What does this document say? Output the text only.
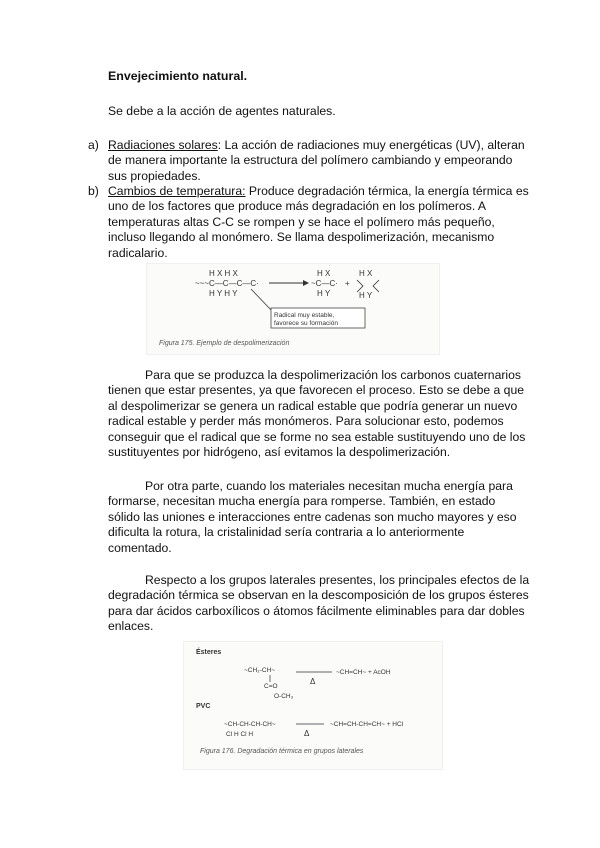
Envejecimiento natural.
Se debe a la acción de agentes naturales.
a) Radiaciones solares: La acción de radiaciones muy energéticas (UV), alteran
de manera importante la estructura del polímero cambiando y empeorando
sus propiedades.
b) Cambios de temperatura: Produce degradación térmica, la energía térmica es
uno de los factores que produce más degradación en los polímeros. A
temperaturas altas C-C se rompen y se hace el polímero más pequeño,
incluso llegando al monómero. Se llama despolimerización, mecanismo
radicalario.
H X H X
~~~C—C—C—C·
H Y H Y
H X
~C—C·
H Y
+
H X
H Y
Radical muy estable,
favorece su formación
Figura 175. Ejemplo de despolimerización
Para que se produzca la despolimerización los carbonos cuaternarios
tienen que estar presentes, ya que favorecen el proceso. Esto se debe a que
al despolimerizar se genera un radical estable que podría generar un nuevo
radical estable y perder más monómeros. Para solucionar esto, podemos
conseguir que el radical que se forme no sea estable sustituyendo uno de los
sustituyentes por hidrógeno, así evitamos la despolimerización.
Por otra parte, cuando los materiales necesitan mucha energía para
formarse, necesitan mucha energía para romperse. También, en estado
sólido las uniones e interacciones entre cadenas son mucho mayores y eso
dificulta la rotura, la cristalinidad sería contraria a lo anteriormente
comentado.
Respecto a los grupos laterales presentes, los principales efectos de la
degradación térmica se observan en la descomposición de los grupos ésteres
para dar ácidos carboxílicos o átomos fácilmente eliminables para dar dobles
enlaces.
Ésteres
~CH₂-CH~
C=O
O-CH₃
Δ
~CH=CH~ + AcOH
PVC
~CH-CH-CH-CH~
Cl H Cl H	Δ
~CH=CH-CH=CH~ + HCl
Figura 176. Degradación térmica en grupos laterales
